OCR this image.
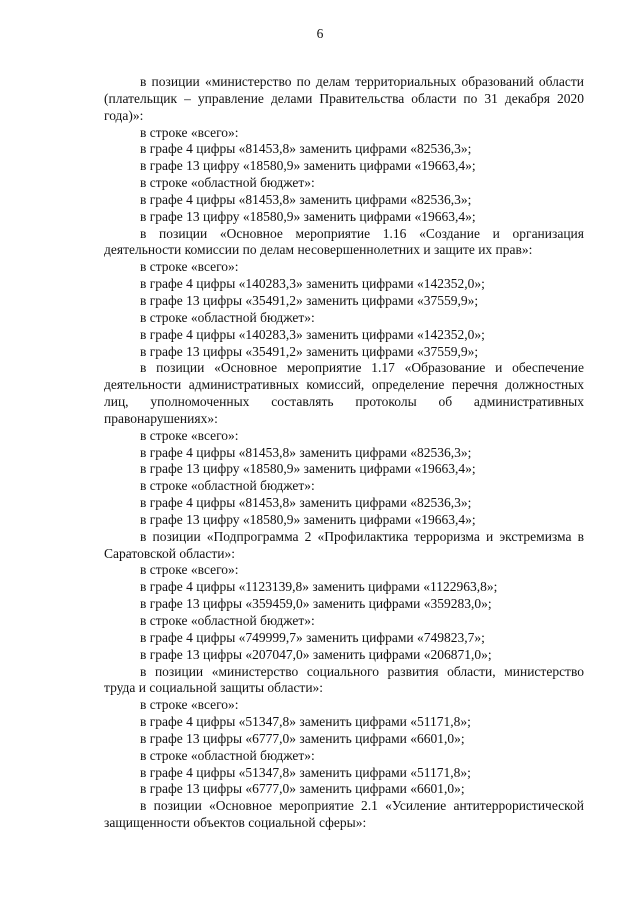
6

в позиции «министерство по делам территориальных образований области (плательщик – управление делами Правительства области по 31 декабря 2020 года)»:

в строке «всего»:

в графе 4 цифры «81453,8» заменить цифрами «82536,3»;

в графе 13 цифру «18580,9» заменить цифрами «19663,4»;

в строке «областной бюджет»:

в графе 4 цифры «81453,8» заменить цифрами «82536,3»;

в графе 13 цифру «18580,9» заменить цифрами «19663,4»;

в позиции «Основное мероприятие 1.16 «Создание и организация деятельности комиссии по делам несовершеннолетних и защите их прав»:

в строке «всего»:

в графе 4 цифры «140283,3» заменить цифрами «142352,0»;

в графе 13 цифры «35491,2» заменить цифрами «37559,9»;

в строке «областной бюджет»:

в графе 4 цифры «140283,3» заменить цифрами «142352,0»;

в графе 13 цифры «35491,2» заменить цифрами «37559,9»;

в позиции «Основное мероприятие 1.17 «Образование и обеспечение деятельности административных комиссий, определение перечня должностных лиц, уполномоченных составлять протоколы об административных правонарушениях»:

в строке «всего»:

в графе 4 цифры «81453,8» заменить цифрами «82536,3»;

в графе 13 цифру «18580,9» заменить цифрами «19663,4»;

в строке «областной бюджет»:

в графе 4 цифры «81453,8» заменить цифрами «82536,3»;

в графе 13 цифру «18580,9» заменить цифрами «19663,4»;

в позиции «Подпрограмма 2 «Профилактика терроризма и экстремизма в Саратовской области»:

в строке «всего»:

в графе 4 цифры «1123139,8» заменить цифрами «1122963,8»;

в графе 13 цифры «359459,0» заменить цифрами «359283,0»;

в строке «областной бюджет»:

в графе 4 цифры «749999,7» заменить цифрами «749823,7»;

в графе 13 цифры «207047,0» заменить цифрами «206871,0»;

в позиции «министерство социального развития области, министерство труда и социальной защиты области»:

в строке «всего»:

в графе 4 цифры «51347,8» заменить цифрами «51171,8»;

в графе 13 цифры «6777,0» заменить цифрами «6601,0»;

в строке «областной бюджет»:

в графе 4 цифры «51347,8» заменить цифрами «51171,8»;

в графе 13 цифры «6777,0» заменить цифрами «6601,0»;

в позиции «Основное мероприятие 2.1 «Усиление антитеррористической защищенности объектов социальной сферы»:
